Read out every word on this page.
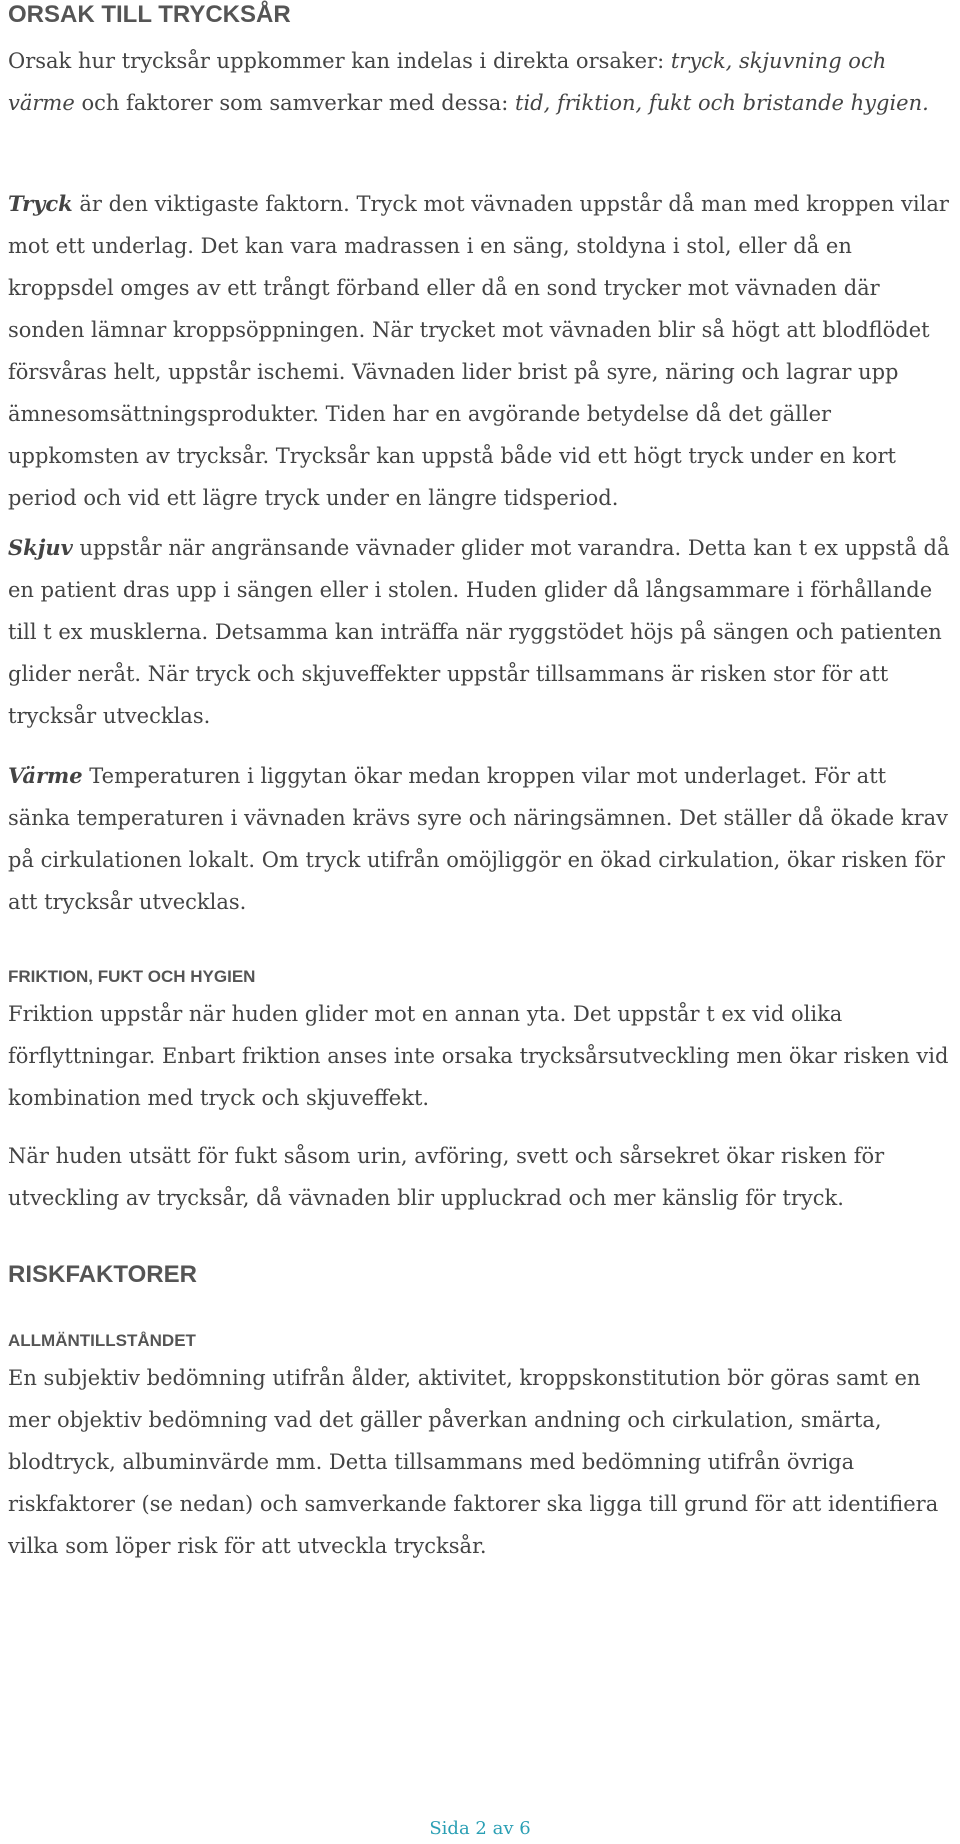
ORSAK TILL TRYCKSÅR

Orsak hur trycksår uppkommer kan indelas i direkta orsaker: tryck, skjuvning och värme och faktorer som samverkar med dessa: tid, friktion, fukt och bristande hygien.

Tryck är den viktigaste faktorn. Tryck mot vävnaden uppstår då man med kroppen vilar mot ett underlag. Det kan vara madrassen i en säng, stoldyna i stol, eller då en kroppsdel omges av ett trångt förband eller då en sond trycker mot vävnaden där sonden lämnar kroppsöppningen. När trycket mot vävnaden blir så högt att blodflödet försvåras helt, uppstår ischemi. Vävnaden lider brist på syre, näring och lagrar upp ämnesomsättningsprodukter. Tiden har en avgörande betydelse då det gäller uppkomsten av trycksår. Trycksår kan uppstå både vid ett högt tryck under en kort period och vid ett lägre tryck under en längre tidsperiod.

Skjuv uppstår när angränsande vävnader glider mot varandra. Detta kan t ex uppstå då en patient dras upp i sängen eller i stolen. Huden glider då långsammare i förhållande till t ex musklerna. Detsamma kan inträffa när ryggstödet höjs på sängen och patienten glider neråt. När tryck och skjuveffekter uppstår tillsammans är risken stor för att trycksår utvecklas.

Värme Temperaturen i liggytan ökar medan kroppen vilar mot underlaget. För att sänka temperaturen i vävnaden krävs syre och näringsämnen. Det ställer då ökade krav på cirkulationen lokalt. Om tryck utifrån omöjliggör en ökad cirkulation, ökar risken för att trycksår utvecklas.

FRIKTION, FUKT OCH HYGIEN

Friktion uppstår när huden glider mot en annan yta. Det uppstår t ex vid olika förflyttningar. Enbart friktion anses inte orsaka trycksårsutveckling men ökar risken vid kombination med tryck och skjuveffekt.

När huden utsätt för fukt såsom urin, avföring, svett och sårsekret ökar risken för utveckling av trycksår, då vävnaden blir uppluckrad och mer känslig för tryck.

RISKFAKTORER
ALLMÄNTILLSTÅNDET

En subjektiv bedömning utifrån ålder, aktivitet, kroppskonstitution bör göras samt en mer objektiv bedömning vad det gäller påverkan andning och cirkulation, smärta, blodtryck, albuminvärde mm. Detta tillsammans med bedömning utifrån övriga riskfaktorer (se nedan) och samverkande faktorer ska ligga till grund för att identifiera vilka som löper risk för att utveckla trycksår.

Sida 2 av 6
